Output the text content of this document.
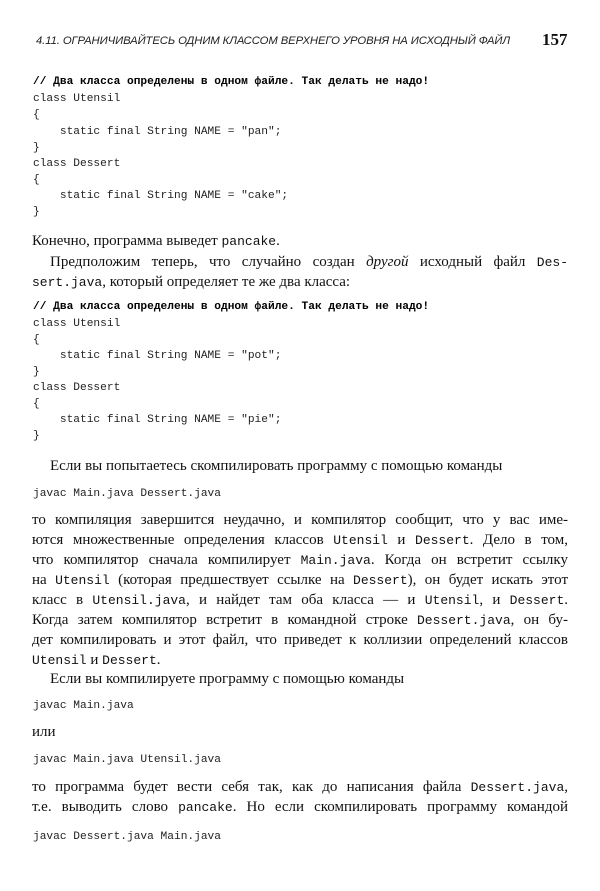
4.11. ОГРАНИЧИВАЙТЕСЬ ОДНИМ КЛАССОМ ВЕРХНЕГО УРОВНЯ НА ИСХОДНЫЙ ФАЙЛ 157
// Два класса определены в одном файле. Так делать не надо!
class Utensil
{
static final String NAME = "pan";
}
class Dessert
{
static final String NAME = "cake";
}
Конечно, программа выведет pancake.
Предположим теперь, что случайно создан другой исходный файл Des-
sert.java, который определяет те же два класса:
// Два класса определены в одном файле. Так делать не надо!
class Utensil
{
static final String NAME = "pot";
}
class Dessert
{
static final String NAME = "pie";
}
Если вы попытаетесь скомпилировать программу с помощью команды
javac Main.java Dessert.java
то компиляция завершится неудачно, и компилятор сообщит, что у вас име-
ются множественные определения классов Utensil и Dessert. Дело в том,
что компилятор сначала компилирует Main.java. Когда он встретит ссылку
на Utensil (которая предшествует ссылке на Dessert), он будет искать этот
класс в Utensil.java, и найдет там оба класса — и Utensil, и Dessert.
Когда затем компилятор встретит в командной строке Dessert.java, он бу-
дет компилировать и этот файл, что приведет к коллизии определений классов
Utensil и Dessert.
Если вы компилируете программу с помощью команды
javac Main.java
или
javac Main.java Utensil.java
то программа будет вести себя так, как до написания файла Dessert.java,
т.е. выводить слово pancake. Но если скомпилировать программу командой
javac Dessert.java Main.java
